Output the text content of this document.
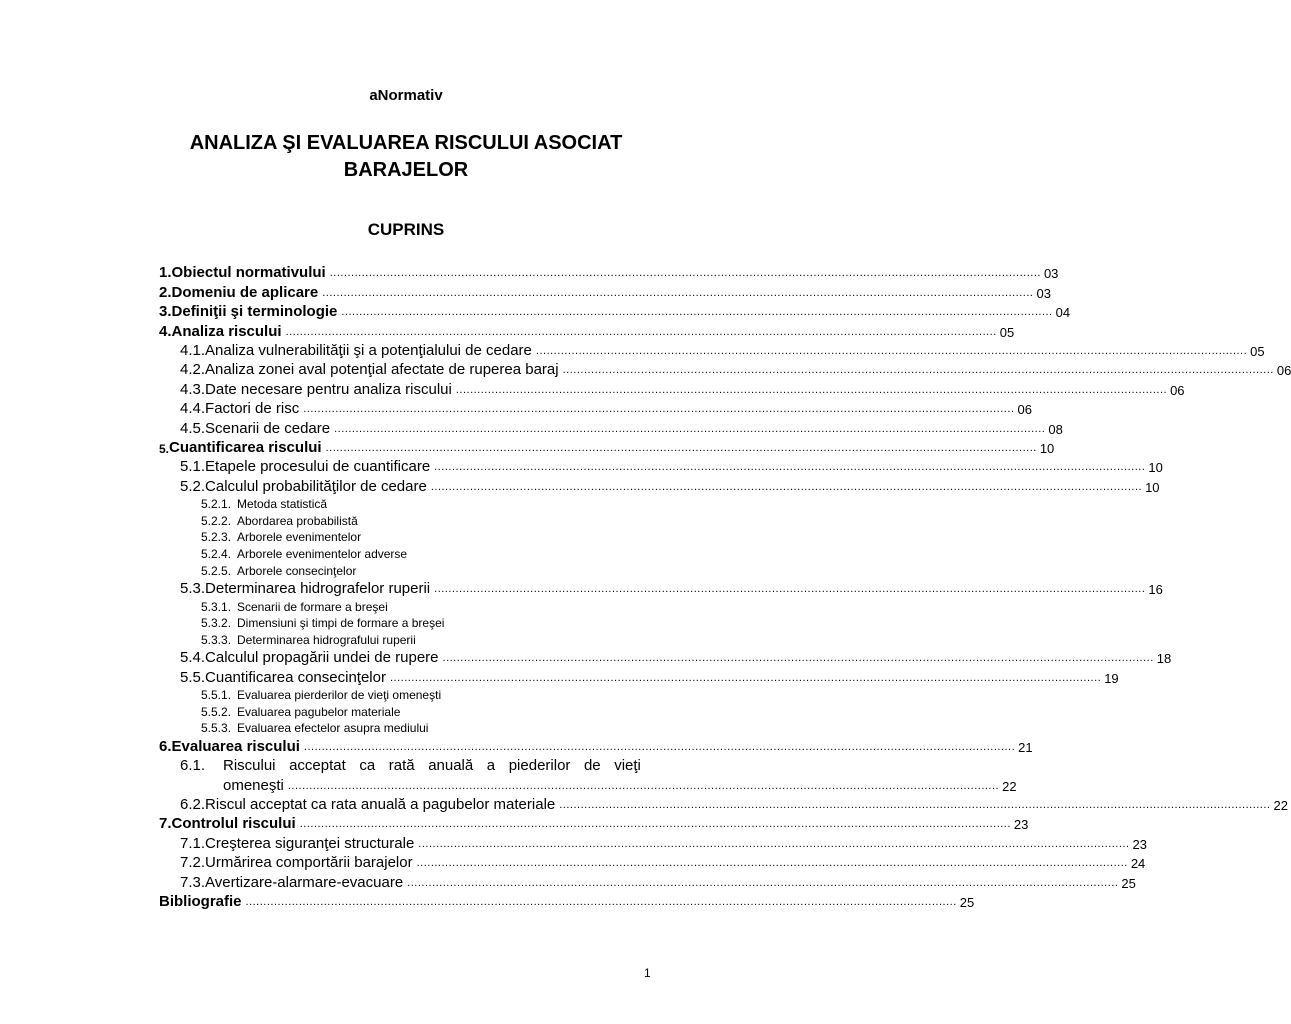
aNormativ
ANALIZA ŞI EVALUAREA RISCULUI ASOCIAT
BARAJELOR
CUPRINS
1. Obiectul normativului ........................................................................................................................................................................................................ 03
2. Domeniu de aplicare ........................................................................................................................................................................................................ 03
3. Definiţii şi terminologie ........................................................................................................................................................................................................ 04
4. Analiza riscului ........................................................................................................................................................................................................ 05
4.1. Analiza vulnerabilităţii şi a potenţialului de cedare ........................................................................................................................................................................................................ 05
4.2. Analiza zonei aval potenţial afectate de ruperea baraj ........................................................................................................................................................................................................ 06
4.3. Date necesare pentru analiza riscului ........................................................................................................................................................................................................ 06
4.4. Factori de risc ........................................................................................................................................................................................................ 06
4.5. Scenarii de cedare ........................................................................................................................................................................................................ 08
5. Cuantificarea riscului ........................................................................................................................................................................................................ 10
5.1. Etapele procesului de cuantificare ........................................................................................................................................................................................................ 10
5.2. Calculul probabilităţilor de cedare ........................................................................................................................................................................................................ 10
5.2.1. Metoda statistică
5.2.2. Abordarea probabilistă
5.2.3. Arborele evenimentelor
5.2.4. Arborele evenimentelor adverse
5.2.5. Arborele consecinţelor
5.3. Determinarea hidrografelor ruperii ........................................................................................................................................................................................................ 16
5.3.1. Scenarii de formare a breşei
5.3.2. Dimensiuni şi timpi de formare a breşei
5.3.3. Determinarea hidrografului ruperii
5.4. Calculul propagării undei de rupere ........................................................................................................................................................................................................ 18
5.5. Cuantificarea consecinţelor ........................................................................................................................................................................................................ 19
5.5.1. Evaluarea pierderilor de vieţi omeneşti
5.5.2. Evaluarea pagubelor materiale
5.5.3. Evaluarea efectelor asupra mediului
6. Evaluarea riscului ........................................................................................................................................................................................................ 21
6.1.	Riscului acceptat ca rată anuală a piederilor de vieţi
omeneşti ........................................................................................................................................................................................................ 22
6.2. Riscul acceptat ca rata anuală a pagubelor materiale ........................................................................................................................................................................................................ 22
7. Controlul riscului ........................................................................................................................................................................................................ 23
7.1. Creşterea siguranţei structurale ........................................................................................................................................................................................................ 23
7.2. Urmărirea comportării barajelor ........................................................................................................................................................................................................ 24
7.3. Avertizare-alarmare-evacuare ........................................................................................................................................................................................................ 25
Bibliografie ........................................................................................................................................................................................................ 25
1
